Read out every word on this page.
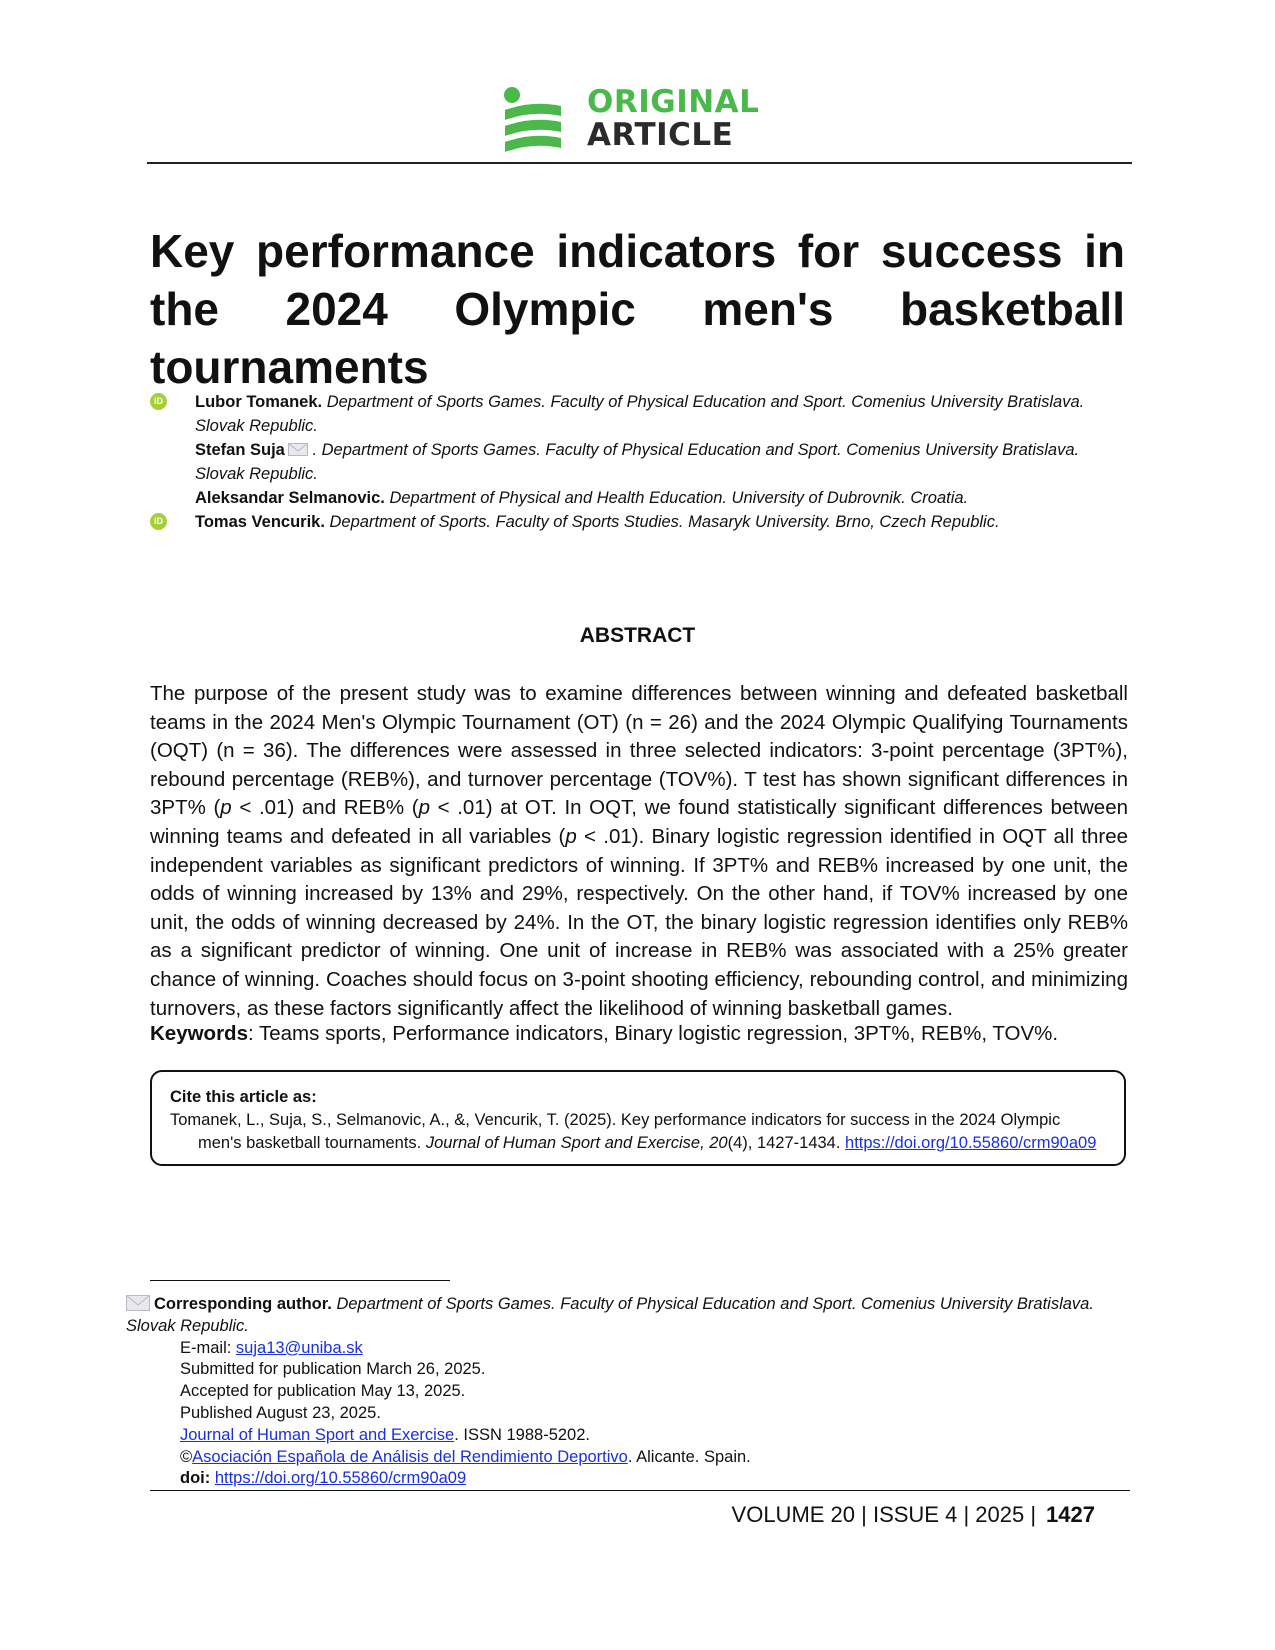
ORIGINAL
ARTICLE
Key performance indicators for success in the 2024 Olympic men's basketball tournaments
iD Lubor Tomanek. Department of Sports Games. Faculty of Physical Education and Sport. Comenius University Bratislava. Slovak Republic.
Stefan Suja . Department of Sports Games. Faculty of Physical Education and Sport. Comenius University Bratislava. Slovak Republic.
Aleksandar Selmanovic. Department of Physical and Health Education. University of Dubrovnik. Croatia.
iD Tomas Vencurik. Department of Sports. Faculty of Sports Studies. Masaryk University. Brno, Czech Republic.
ABSTRACT
The purpose of the present study was to examine differences between winning and defeated basketball teams in the 2024 Men's Olympic Tournament (OT) (n = 26) and the 2024 Olympic Qualifying Tournaments (OQT) (n = 36). The differences were assessed in three selected indicators: 3-point percentage (3PT%), rebound percentage (REB%), and turnover percentage (TOV%). T test has shown significant differences in 3PT% (p < .01) and REB% (p < .01) at OT. In OQT, we found statistically significant differences between winning teams and defeated in all variables (p < .01). Binary logistic regression identified in OQT all three independent variables as significant predictors of winning. If 3PT% and REB% increased by one unit, the odds of winning increased by 13% and 29%, respectively. On the other hand, if TOV% increased by one unit, the odds of winning decreased by 24%. In the OT, the binary logistic regression identifies only REB% as a significant predictor of winning. One unit of increase in REB% was associated with a 25% greater chance of winning. Coaches should focus on 3-point shooting efficiency, rebounding control, and minimizing turnovers, as these factors significantly affect the likelihood of winning basketball games.
Keywords: Teams sports, Performance indicators, Binary logistic regression, 3PT%, REB%, TOV%.
Cite this article as:
Tomanek, L., Suja, S., Selmanovic, A., &, Vencurik, T. (2025). Key performance indicators for success in the 2024 Olympic men's basketball tournaments. Journal of Human Sport and Exercise, 20(4), 1427-1434. https://doi.org/10.55860/crm90a09
Corresponding author. Department of Sports Games. Faculty of Physical Education and Sport. Comenius University Bratislava. Slovak Republic.
E-mail: suja13@uniba.sk
Submitted for publication March 26, 2025.
Accepted for publication May 13, 2025.
Published August 23, 2025.
Journal of Human Sport and Exercise. ISSN 1988-5202.
©Asociación Española de Análisis del Rendimiento Deportivo. Alicante. Spain.
doi: https://doi.org/10.55860/crm90a09
VOLUME 20 | ISSUE 4 | 2025 | 1427
